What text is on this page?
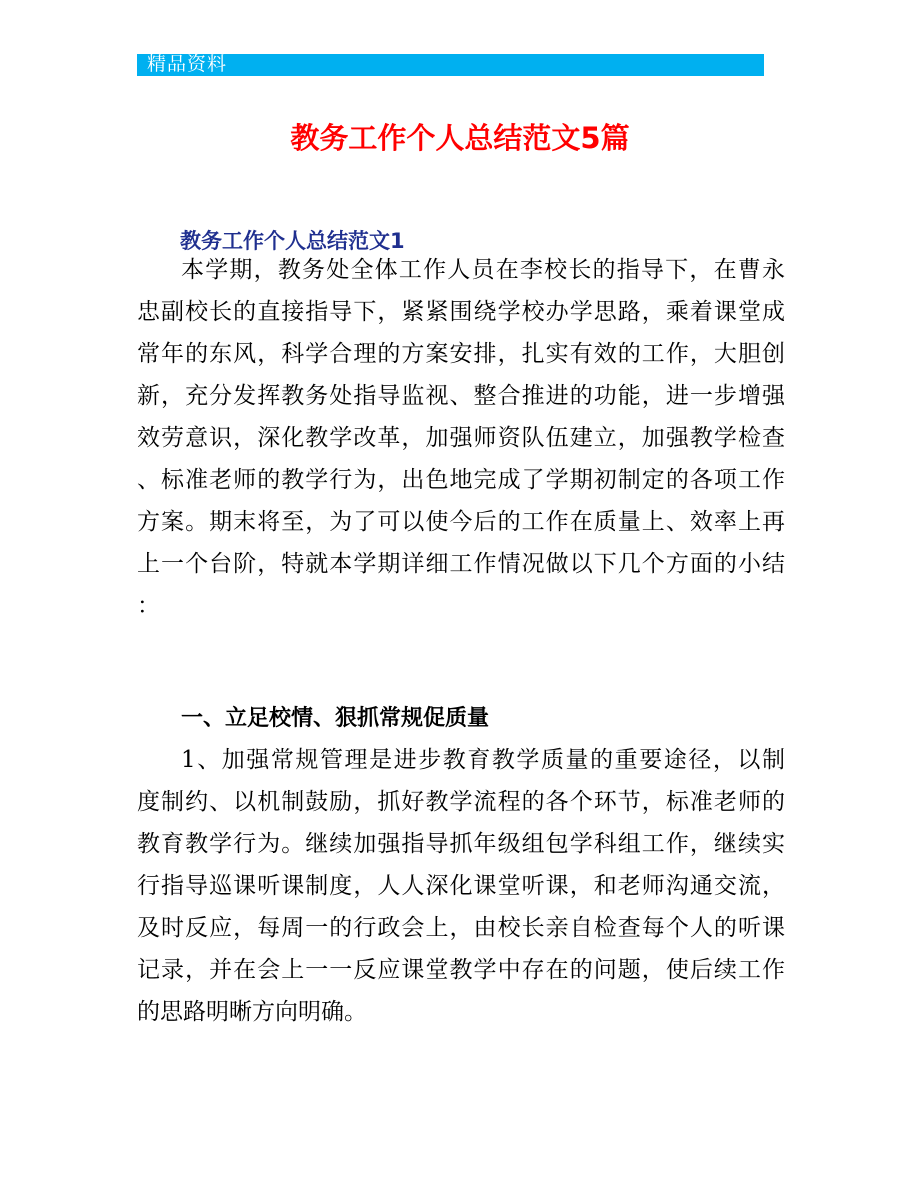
精品资料
教务工作个人总结范文5篇
教务工作个人总结范文1
本学期，教务处全体工作人员在李校长的指导下，在曹永
忠副校长的直接指导下，紧紧围绕学校办学思路，乘着课堂成
常年的东风，科学合理的方案安排，扎实有效的工作，大胆创
新，充分发挥教务处指导监视、整合推进的功能，进一步增强
效劳意识，深化教学改革，加强师资队伍建立，加强教学检查
、标准老师的教学行为，出色地完成了学期初制定的各项工作
方案。期末将至，为了可以使今后的工作在质量上、效率上再
上一个台阶，特就本学期详细工作情况做以下几个方面的小结
：
一、立足校情、狠抓常规促质量
1、加强常规管理是进步教育教学质量的重要途径，以制
度制约、以机制鼓励，抓好教学流程的各个环节，标准老师的
教育教学行为。继续加强指导抓年级组包学科组工作，继续实
行指导巡课听课制度，人人深化课堂听课，和老师沟通交流，
及时反应，每周一的行政会上，由校长亲自检查每个人的听课
记录，并在会上一一反应课堂教学中存在的问题，使后续工作
的思路明晰方向明确。
